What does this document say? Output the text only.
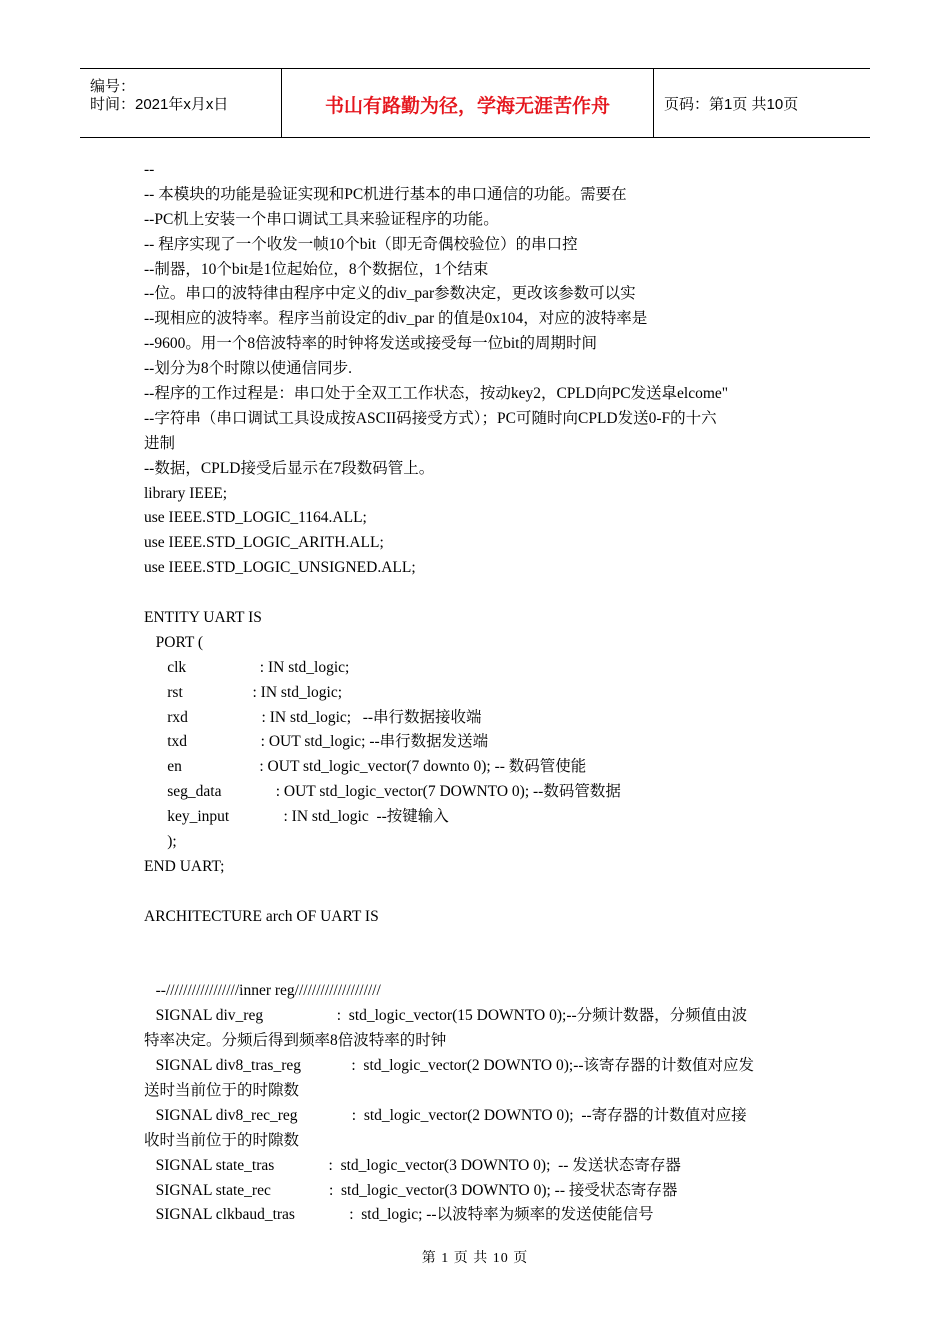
编号：
时间：2021年x月x日	书山有路勤为径，学海无涯苦作舟	页码：第1页 共10页
--
-- 本模块的功能是验证实现和PC机进行基本的串口通信的功能。需要在
--PC机上安装一个串口调试工具来验证程序的功能。
-- 程序实现了一个收发一帧10个bit（即无奇偶校验位）的串口控
--制器，10个bit是1位起始位，8个数据位，1个结束
--位。串口的波特律由程序中定义的div_par参数决定，更改该参数可以实
--现相应的波特率。程序当前设定的div_par 的值是0x104，对应的波特率是
--9600。用一个8倍波特率的时钟将发送或接受每一位bit的周期时间
--划分为8个时隙以使通信同步.
--程序的工作过程是：串口处于全双工工作状态，按动key2，CPLD向PC发送皐elcome"
--字符串（串口调试工具设成按ASCII码接受方式）；PC可随时向CPLD发送0-F的十六
进制
--数据，CPLD接受后显示在7段数码管上。
library IEEE;
use IEEE.STD_LOGIC_1164.ALL;
use IEEE.STD_LOGIC_ARITH.ALL;
use IEEE.STD_LOGIC_UNSIGNED.ALL;
ENTITY UART IS
PORT (
clk                   : IN std_logic;
rst                  : IN std_logic;
rxd                   : IN std_logic;   --串行数据接收端
txd                   : OUT std_logic; --串行数据发送端
en                    : OUT std_logic_vector(7 downto 0); -- 数码管使能
seg_data              : OUT std_logic_vector(7 DOWNTO 0); --数码管数据
key_input              : IN std_logic  --按键输入
);
END UART;
ARCHITECTURE arch OF UART IS
--/////////////////inner reg////////////////////
SIGNAL div_reg                   :  std_logic_vector(15 DOWNTO 0);--分频计数器，分频值由波
特率决定。分频后得到频率8倍波特率的时钟
SIGNAL div8_tras_reg             :  std_logic_vector(2 DOWNTO 0);--该寄存器的计数值对应发
送时当前位于的时隙数
SIGNAL div8_rec_reg              :  std_logic_vector(2 DOWNTO 0);  --寄存器的计数值对应接
收时当前位于的时隙数
SIGNAL state_tras              :  std_logic_vector(3 DOWNTO 0);  -- 发送状态寄存器
SIGNAL state_rec               :  std_logic_vector(3 DOWNTO 0); -- 接受状态寄存器
SIGNAL clkbaud_tras              :  std_logic; --以波特率为频率的发送使能信号
第 1 页 共 10 页
